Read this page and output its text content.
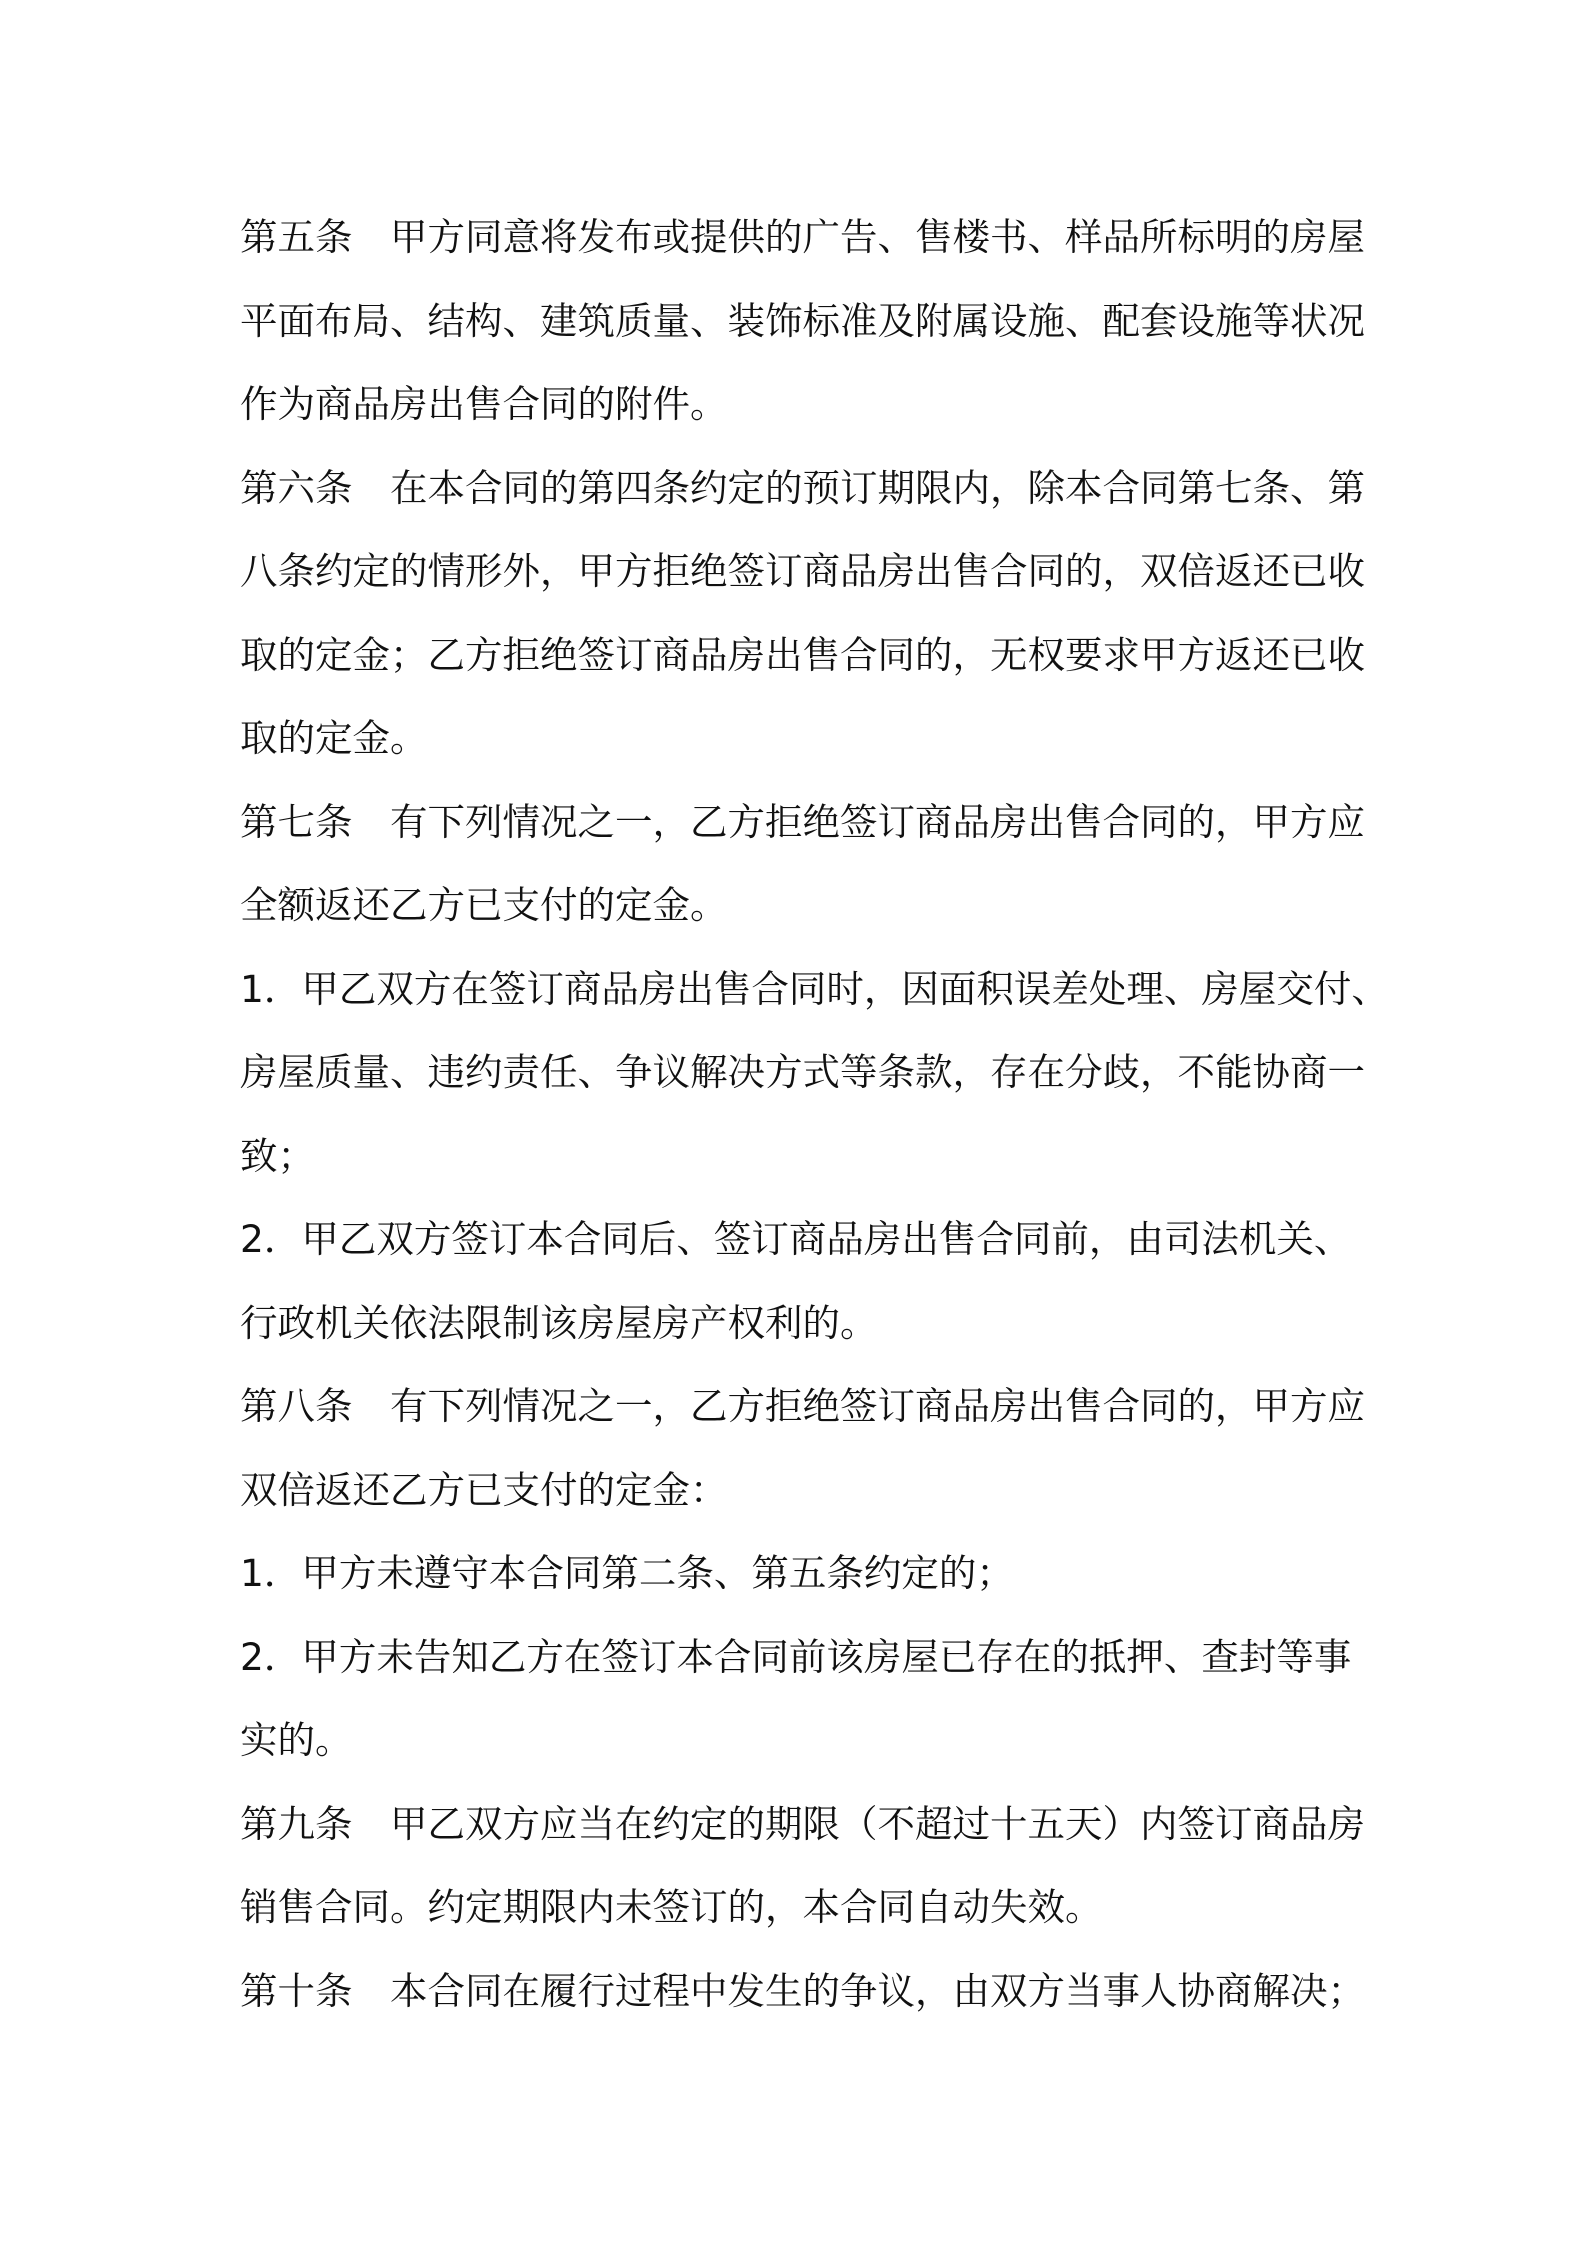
第五条　甲方同意将发布或提供的广告、售楼书、样品所标明的房屋
平面布局、结构、建筑质量、装饰标准及附属设施、配套设施等状况
作为商品房出售合同的附件。
第六条　在本合同的第四条约定的预订期限内，除本合同第七条、第
八条约定的情形外，甲方拒绝签订商品房出售合同的，双倍返还已收
取的定金；乙方拒绝签订商品房出售合同的，无权要求甲方返还已收
取的定金。
第七条　有下列情况之一，乙方拒绝签订商品房出售合同的，甲方应
全额返还乙方已支付的定金。
1．甲乙双方在签订商品房出售合同时，因面积误差处理、房屋交付、
房屋质量、违约责任、争议解决方式等条款，存在分歧，不能协商一
致；
2．甲乙双方签订本合同后、签订商品房出售合同前，由司法机关、
行政机关依法限制该房屋房产权利的。
第八条　有下列情况之一，乙方拒绝签订商品房出售合同的，甲方应
双倍返还乙方已支付的定金：
1．甲方未遵守本合同第二条、第五条约定的；
2．甲方未告知乙方在签订本合同前该房屋已存在的抵押、查封等事
实的。
第九条　甲乙双方应当在约定的期限（不超过十五天）内签订商品房
销售合同。约定期限内未签订的，本合同自动失效。
第十条　本合同在履行过程中发生的争议，由双方当事人协商解决；
